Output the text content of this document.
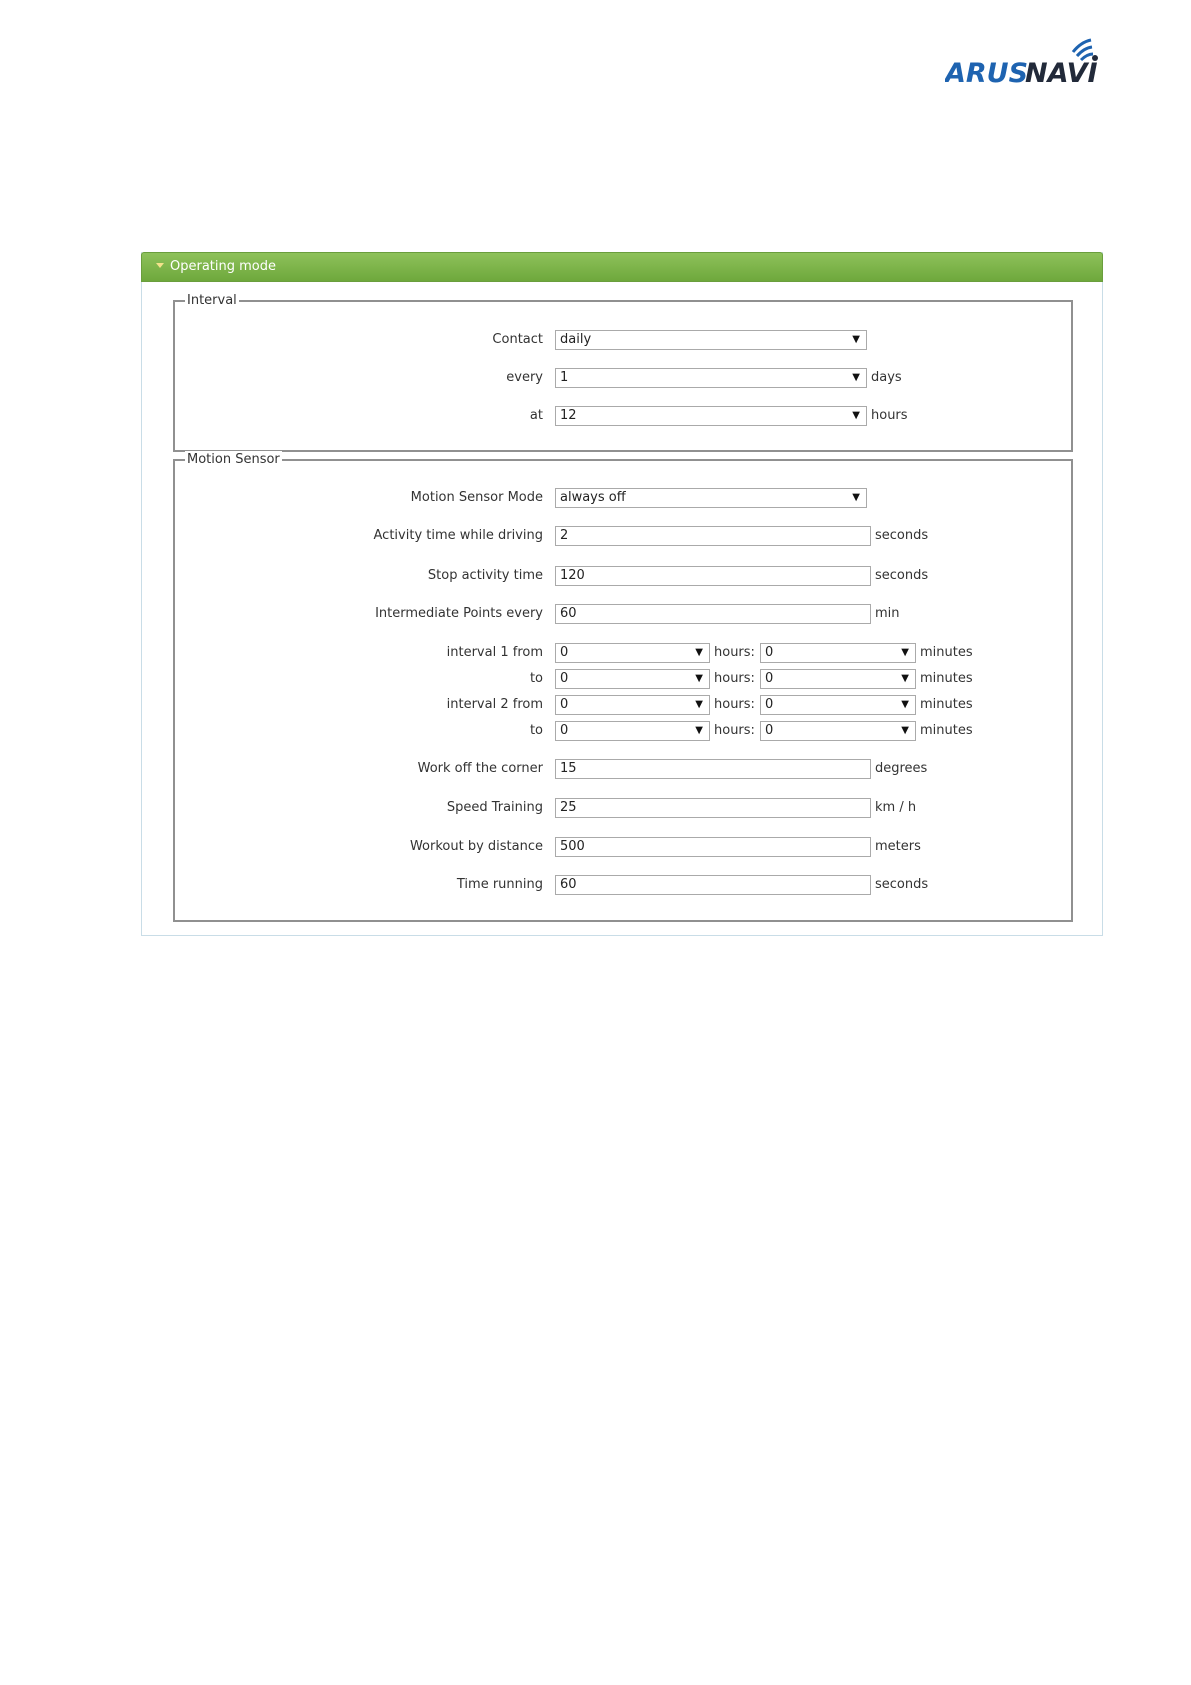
ARUS
NAVI
Operating mode
Interval
Contact	daily	▼
every	1	▼ days
at	12	▼ hours
Motion Sensor
Motion Sensor Mode	always off	▼
Activity time while driving	2	seconds
Stop activity time	120	seconds
Intermediate Points every	60	min
interval 1 from	0	▼ hours: 0	▼ minutes
to	0	▼ hours: 0	▼ minutes
interval 2 from	0	▼ hours: 0	▼ minutes
to	0	▼ hours: 0	▼ minutes
Work off the corner	15	degrees
Speed Training	25	km / h
Workout by distance	500	meters
Time running	60	seconds
